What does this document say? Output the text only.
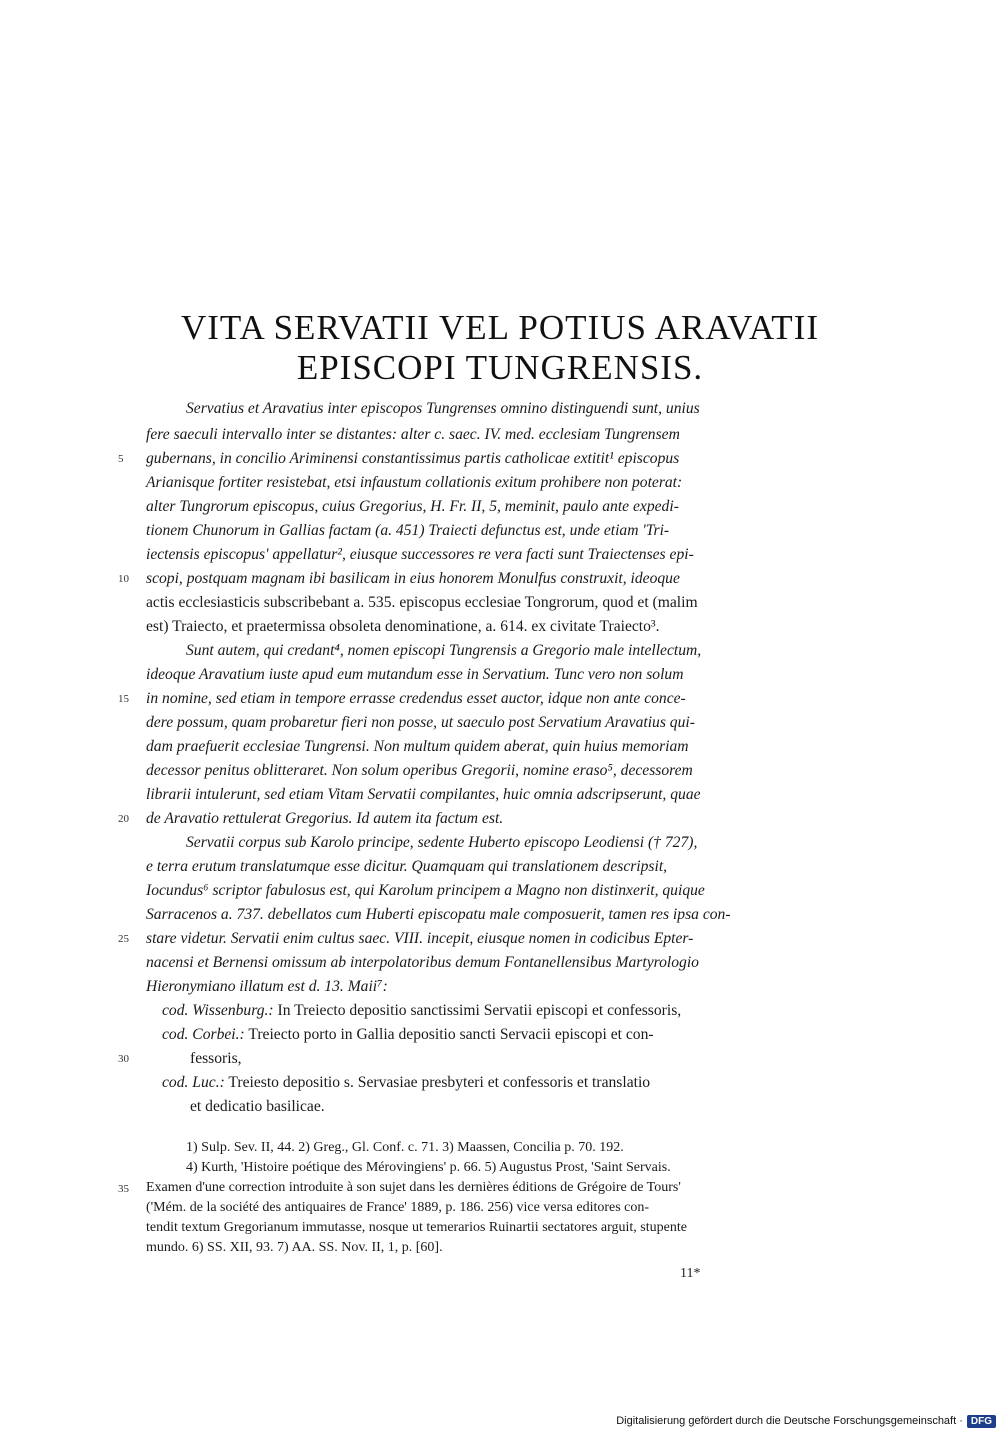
VITA SERVATII VEL POTIUS ARAVATII
EPISCOPI TUNGRENSIS.
Servatius et Aravatius inter episcopos Tungrenses omnino distinguendi sunt, unius
fere saeculi intervallo inter se distantes: alter c. saec. IV. med. ecclesiam Tungrensem
gubernans, in concilio Ariminensi constantissimus partis catholicae extitit¹ episcopus
Arianisque fortiter resistebat, etsi infaustum collationis exitum prohibere non poterat:
alter Tungrorum episcopus, cuius Gregorius, H. Fr. II, 5, meminit, paulo ante expedi-
tionem Chunorum in Gallias factam (a. 451) Traiecti defunctus est, unde etiam 'Tri-
iectensis episcopus' appellatur², eiusque successores re vera facti sunt Traiectenses epi-
scopi, postquam magnam ibi basilicam in eius honorem Monulfus construxit, ideoque
actis ecclesiasticis subscribebant a. 535. episcopus ecclesiae Tongrorum, quod et (malim
est) Traiecto, et praetermissa obsoleta denominatione, a. 614. ex civitate Traiecto³.
Sunt autem, qui credant⁴, nomen episcopi Tungrensis a Gregorio male intellectum,
ideoque Aravatium iuste apud eum mutandum esse in Servatium. Tunc vero non solum
in nomine, sed etiam in tempore errasse credendus esset auctor, idque non ante conce-
dere possum, quam probaretur fieri non posse, ut saeculo post Servatium Aravatius qui-
dam praefuerit ecclesiae Tungrensi. Non multum quidem aberat, quin huius memoriam
decessor penitus oblitteraret. Non solum operibus Gregorii, nomine eraso⁵, decessorem
librarii intulerunt, sed etiam Vitam Servatii compilantes, huic omnia adscripserunt, quae
de Aravatio rettulerat Gregorius. Id autem ita factum est.
Servatii corpus sub Karolo principe, sedente Huberto episcopo Leodiensi († 727),
e terra erutum translatumque esse dicitur. Quamquam qui translationem descripsit,
Iocundus⁶ scriptor fabulosus est, qui Karolum principem a Magno non distinxerit, quique
Sarracenos a. 737. debellatos cum Huberti episcopatu male composuerit, tamen res ipsa con-
stare videtur. Servatii enim cultus saec. VIII. incepit, eiusque nomen in codicibus Epter-
nacensi et Bernensi omissum ab interpolatoribus demum Fontanellensibus Martyrologio
Hieronymiano illatum est d. 13. Maii⁷:
cod. Wissenburg.: In Treiecto depositio sanctissimi Servatii episcopi et confessoris,
cod. Corbei.: Treiecto porto in Gallia depositio sancti Servacii episcopi et con-
fessoris,
cod. Luc.: Treiesto depositio s. Servasiae presbyteri et confessoris et translatio
et dedicatio basilicae.
5
10
15
20
25
30
35
1) Sulp. Sev. II, 44. 2) Greg., Gl. Conf. c. 71. 3) Maassen, Concilia p. 70. 192.
4) Kurth, 'Histoire poétique des Mérovingiens' p. 66. 5) Augustus Prost, 'Saint Servais.
Examen d'une correction introduite à son sujet dans les dernières éditions de Grégoire de Tours'
('Mém. de la société des antiquaires de France' 1889, p. 186. 256) vice versa editores con-
tendit textum Gregorianum immutasse, nosque ut temerarios Ruinartii sectatores arguit, stupente
mundo. 6) SS. XII, 93. 7) AA. SS. Nov. II, 1, p. [60].
11*
Digitalisierung gefördert durch die Deutsche Forschungsgemeinschaft · DFG
